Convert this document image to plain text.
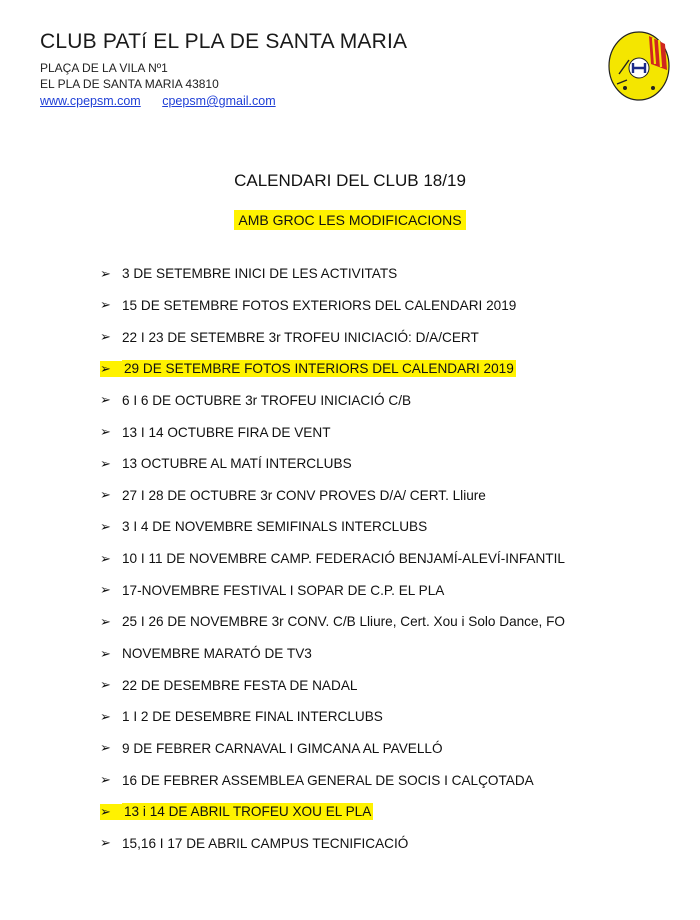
CLUB PATí EL PLA DE SANTA MARIA
PLAÇA DE LA VILA Nº1
EL PLA DE SANTA MARIA 43810
www.cpepsm.com cpepsm@gmail.com
CALENDARI DEL CLUB 18/19
AMB GROC LES MODIFICACIONS
➢ 3 DE SETEMBRE INICI DE LES ACTIVITATS
➢ 15 DE SETEMBRE FOTOS EXTERIORS DEL CALENDARI 2019
➢ 22 I 23 DE SETEMBRE 3r TROFEU INICIACIÓ: D/A/CERT
➢ 29 DE SETEMBRE FOTOS INTERIORS DEL CALENDARI 2019
➢ 6 I 6 DE OCTUBRE 3r TROFEU INICIACIÓ C/B
➢ 13 I 14 OCTUBRE FIRA DE VENT
➢ 13 OCTUBRE AL MATÍ INTERCLUBS
➢ 27 I 28 DE OCTUBRE 3r CONV PROVES D/A/ CERT. Lliure
➢ 3 I 4 DE NOVEMBRE SEMIFINALS INTERCLUBS
➢ 10 I 11 DE NOVEMBRE CAMP. FEDERACIÓ BENJAMÍ-ALEVÍ-INFANTIL
➢ 17-NOVEMBRE FESTIVAL I SOPAR DE C.P. EL PLA
➢ 25 I 26 DE NOVEMBRE 3r CONV. C/B Lliure, Cert. Xou i Solo Dance, FO
➢ NOVEMBRE MARATÓ DE TV3
➢ 22 DE DESEMBRE FESTA DE NADAL
➢ 1 I 2 DE DESEMBRE FINAL INTERCLUBS
➢ 9 DE FEBRER CARNAVAL I GIMCANA AL PAVELLÓ
➢ 16 DE FEBRER ASSEMBLEA GENERAL DE SOCIS I CALÇOTADA
➢ 13 i 14 DE ABRIL TROFEU XOU EL PLA
➢ 15,16 I 17 DE ABRIL CAMPUS TECNIFICACIÓ
